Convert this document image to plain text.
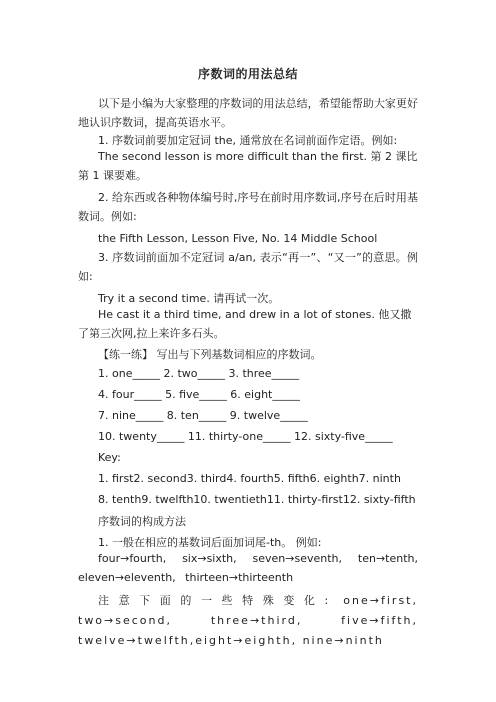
序数词的用法总结

以下是小编为大家整理的序数词的用法总结，希望能帮助大家更好地认识序数词，提高英语水平。

1. 序数词前要加定冠词 the, 通常放在名词前面作定语。例如:

The second lesson is more difficult than the first. 第 2 课比第 1 课要难。

2. 给东西或各种物体编号时,序号在前时用序数词,序号在后时用基数词。例如:

the Fifth Lesson, Lesson Five, No. 14 Middle School

3. 序数词前面加不定冠词 a/an, 表示“再一”、“又一”的意思。例如:

Try it a second time. 请再试一次。

He cast it a third time, and drew in a lot of stones. 他又撒了第三次网,拉上来许多石头。

【练一练】 写出与下列基数词相应的序数词。
1. one_____ 2. two_____ 3. three_____
4. four_____ 5. five_____ 6. eight_____
7. nine_____ 8. ten_____ 9. twelve_____
10. twenty_____ 11. thirty-one_____ 12. sixty-five_____
Key:
1. first2. second3. third4. fourth5. fifth6. eighth7. ninth
8. tenth9. twelfth10. twentieth11. thirty-first12. sixty-fifth
序数词的构成方法
1. 一般在相应的基数词后面加词尾-th。 例如:

four→fourth, six→sixth, seven→seventh, ten→tenth, eleven→eleventh, thirteen→thirteenth

注意下面的一些特殊变化: one→first, two→second, three→third, five→fifth, twelve→twelfth,eight→eighth, nine→ninth
